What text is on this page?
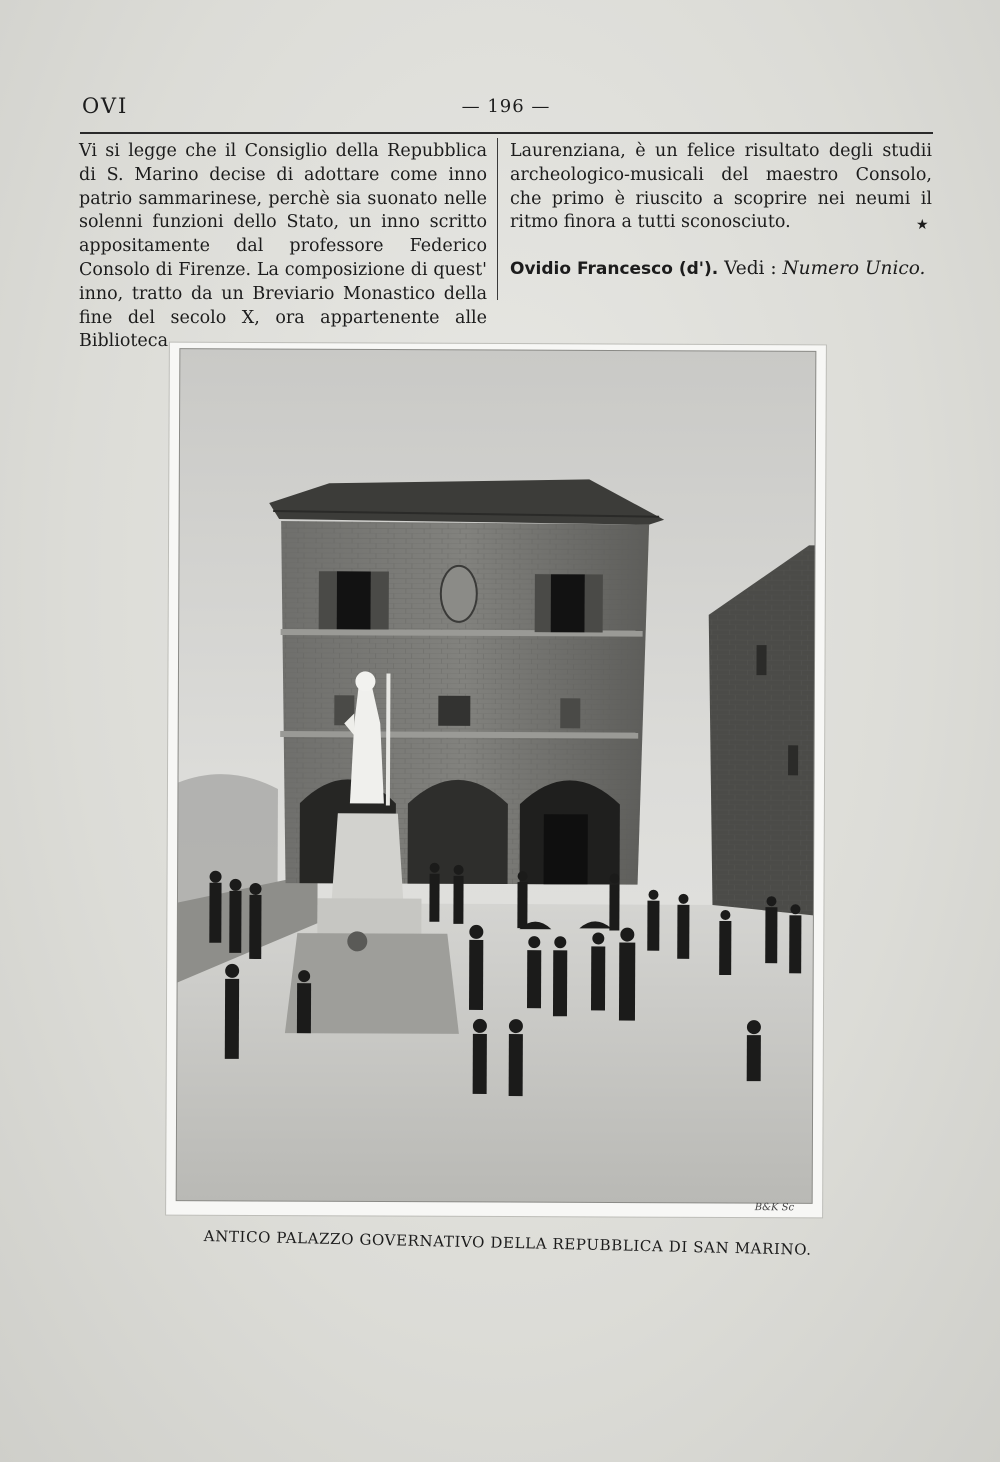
OVI	— 196 —
Vi si legge che il Consiglio della Repubblica di S. Marino decise di adottare come inno patrio sammarinese, perchè sia suonato nelle solenni funzioni dello Stato, un inno scritto appositamente dal professore Federico Consolo di Firenze. La composizione di quest' inno, tratto da un Breviario Monastico della fine del secolo X, ora appartenente alle Biblioteca
Laurenziana, è un felice risultato degli studii archeologico-musicali del maestro Consolo, che primo è riuscito a scoprire nei neumi il ritmo finora a tutti sconosciuto.	★
Ovidio Francesco (d'). Vedi : Numero Unico.
B&K Sc
ANTICO PALAZZO GOVERNATIVO DELLA REPUBBLICA DI SAN MARINO.
